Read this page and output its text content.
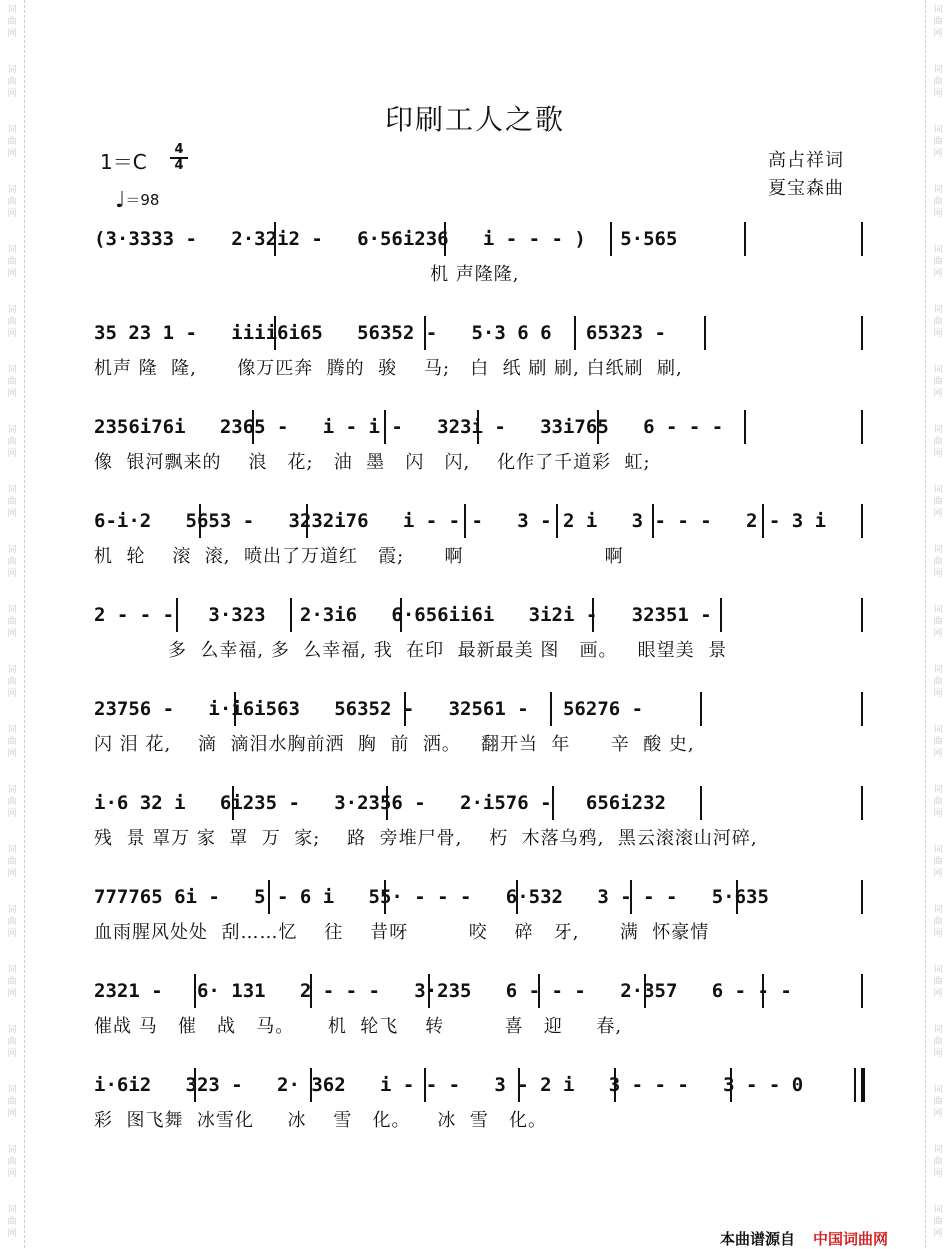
词
曲
网
词
曲
网
词
曲
网
词
曲
网
词
曲
网
词
曲
网
词
曲
网
词
曲
网
词
曲
网
词
曲
网
词
曲
网
词
曲
网
词
曲
网
词
曲
网
词
曲
网
词
曲
网
词
曲
网
词
曲
网
词
曲
网
词
曲
网
词
曲
网
词
曲
网
词
曲
网
词
曲
网
词
曲
网
词
曲
网
词
曲
网
词
曲
网
词
曲
网
词
曲
网
词
曲
网
词
曲
网
词
曲
网
词
曲
网
词
曲
网
词
曲
网
词
曲
网
词
曲
网
词
曲
网
词
曲
网
词
曲
网
词
曲
网
印刷工人之歌
1＝C
4
4
♩＝98
高占祥词
夏宝森曲
(3·3333 -   2·32i2 -   6·56i236   i - - - )   5·565
机 声隆隆,
35 23 1 -   iiii6i65   56352 -   5·3 6 6   65323 -
机声 隆  隆,      像万匹奔  腾的  骏    马;   白  纸 刷 刷, 白纸刷  刷,
2356i76i   2365 -   i - i -   323i -   33i765   6 - - -
像  银河飘来的    浪   花;   油  墨   闪   闪,    化作了千道彩  虹;
6-i·2   5653 -   3232i76   i - - -   3 - 2 i   3 - - -   2 - 3 i
机  轮    滚  滚,  喷出了万道红   霞;      啊                     啊
2 - - -   3·323   2·3i6   6·656ii6i   3i2i -   32351 -
多  么幸福, 多  么幸福, 我  在印  最新最美 图   画。   眼望美  景
23756 -   i·i6i563   56352 -   32561 -   56276 -
闪 泪 花,    滴  滴泪水胸前洒  胸  前  洒。   翻开当  年      辛  酸 史,
i·6 32 i   6i235 -   3·2356 -   2·i576 -   656i232
残  景 罩万 家  罩  万  家;    路  旁堆尸骨,    朽  木落乌鸦,  黑云滚滚山河碎,
777765 6i -   5 - 6 i   55· - - -   6·532   3 - - -   5·635
血雨腥风处处  刮……忆    往    昔呀         咬    碎   牙,      满  怀豪情
2321 -   6· 131   2 - - -   3·235   6 - - -   2·357   6 - - -
催战 马   催   战   马。     机  轮飞    转         喜   迎     春,
i·6i2   323 -   2· 362   i - - -   3 - 2 i   3 - - -   3 - - 0
彩  图飞舞  冰雪化     冰    雪   化。    冰  雪   化。
本曲谱源自 中国词曲网
